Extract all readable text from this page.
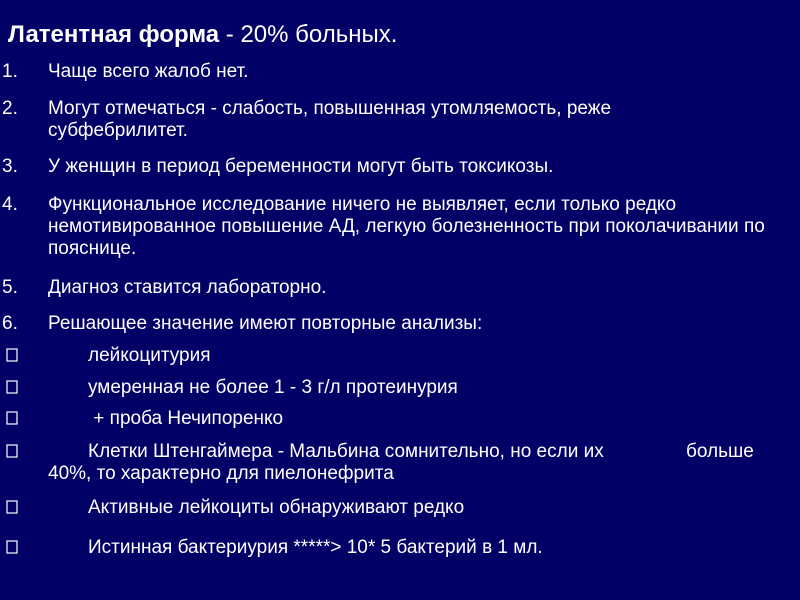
Латентная форма - 20% больных.
1. Чаще всего жалоб нет.
2. Могут отмечаться - слабость, повышенная утомляемость, реже субфебрилитет.
3. У женщин в период беременности могут быть токсикозы.
4. Функциональное исследование ничего не выявляет, если только редко немотивированное повышение АД, легкую болезненность при поколачивании по пояснице.
5. Диагноз ставится лабораторно.
6. Решающее значение имеют повторные анализы:
лейкоцитурия
умеренная не более 1 - 3 г/л протеинурия
+ проба Нечипоренко
Клетки Штенгаймера - Мальбина сомнительно, но если их	больше
40%, то характерно для пиелонефрита
Активные лейкоциты обнаруживают редко
Истинная бактериурия *****> 10* 5 бактерий в 1 мл.
